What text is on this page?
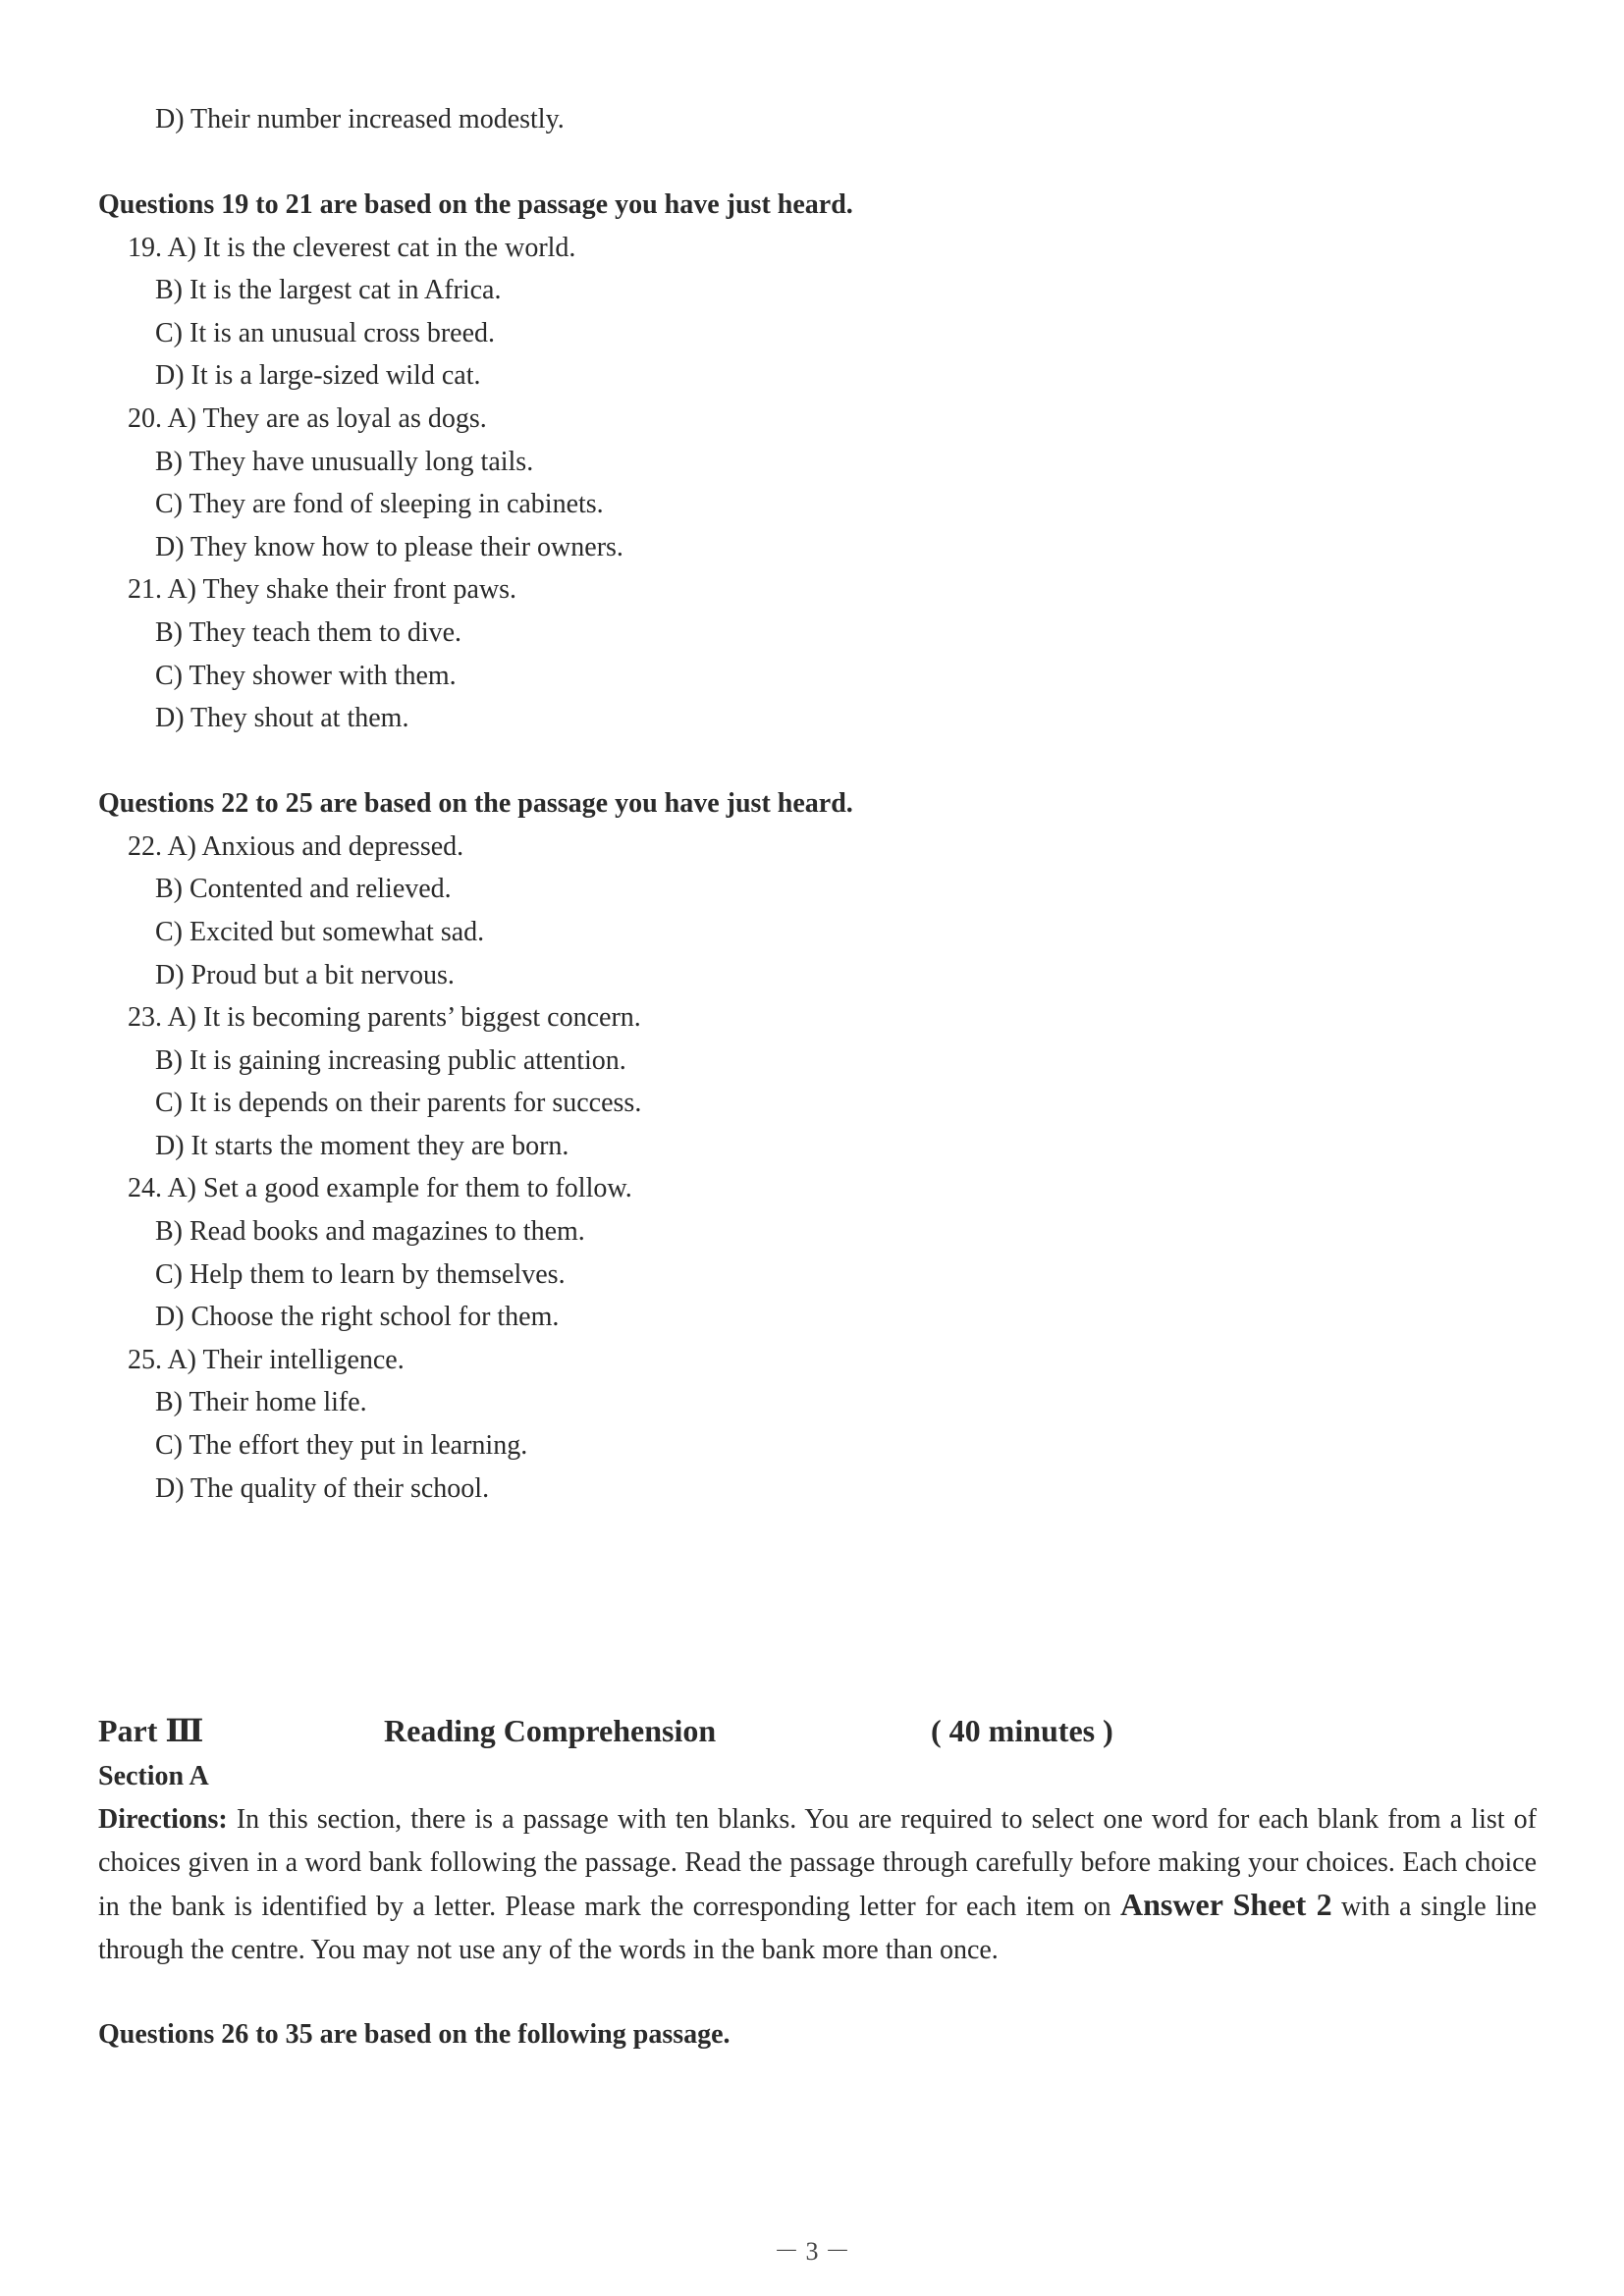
D) Their number increased modestly.
Questions 19 to 21 are based on the passage you have just heard.
19. A) It is the cleverest cat in the world.
B) It is the largest cat in Africa.
C) It is an unusual cross breed.
D) It is a large-sized wild cat.
20. A) They are as loyal as dogs.
B) They have unusually long tails.
C) They are fond of sleeping in cabinets.
D) They know how to please their owners.
21. A) They shake their front paws.
B) They teach them to dive.
C) They shower with them.
D) They shout at them.
Questions 22 to 25 are based on the passage you have just heard.
22. A) Anxious and depressed.
B) Contented and relieved.
C) Excited but somewhat sad.
D) Proud but a bit nervous.
23. A) It is becoming parents’ biggest concern.
B) It is gaining increasing public attention.
C) It is depends on their parents for success.
D) It starts the moment they are born.
24. A) Set a good example for them to follow.
B) Read books and magazines to them.
C) Help them to learn by themselves.
D) Choose the right school for them.
25. A) Their intelligence.
B) Their home life.
C) The effort they put in learning.
D) The quality of their school.
Part Ⅲ	Reading Comprehension	( 40 minutes )
Section A
Directions: In this section, there is a passage with ten blanks. You are required to select one word for each blank from a list of choices given in a word bank following the passage. Read the passage through carefully before making your choices. Each choice in the bank is identified by a letter. Please mark the corresponding letter for each item on Answer Sheet 2 with a single line through the centre. You may not use any of the words in the bank more than once.
Questions 26 to 35 are based on the following passage.
－ 3 －
